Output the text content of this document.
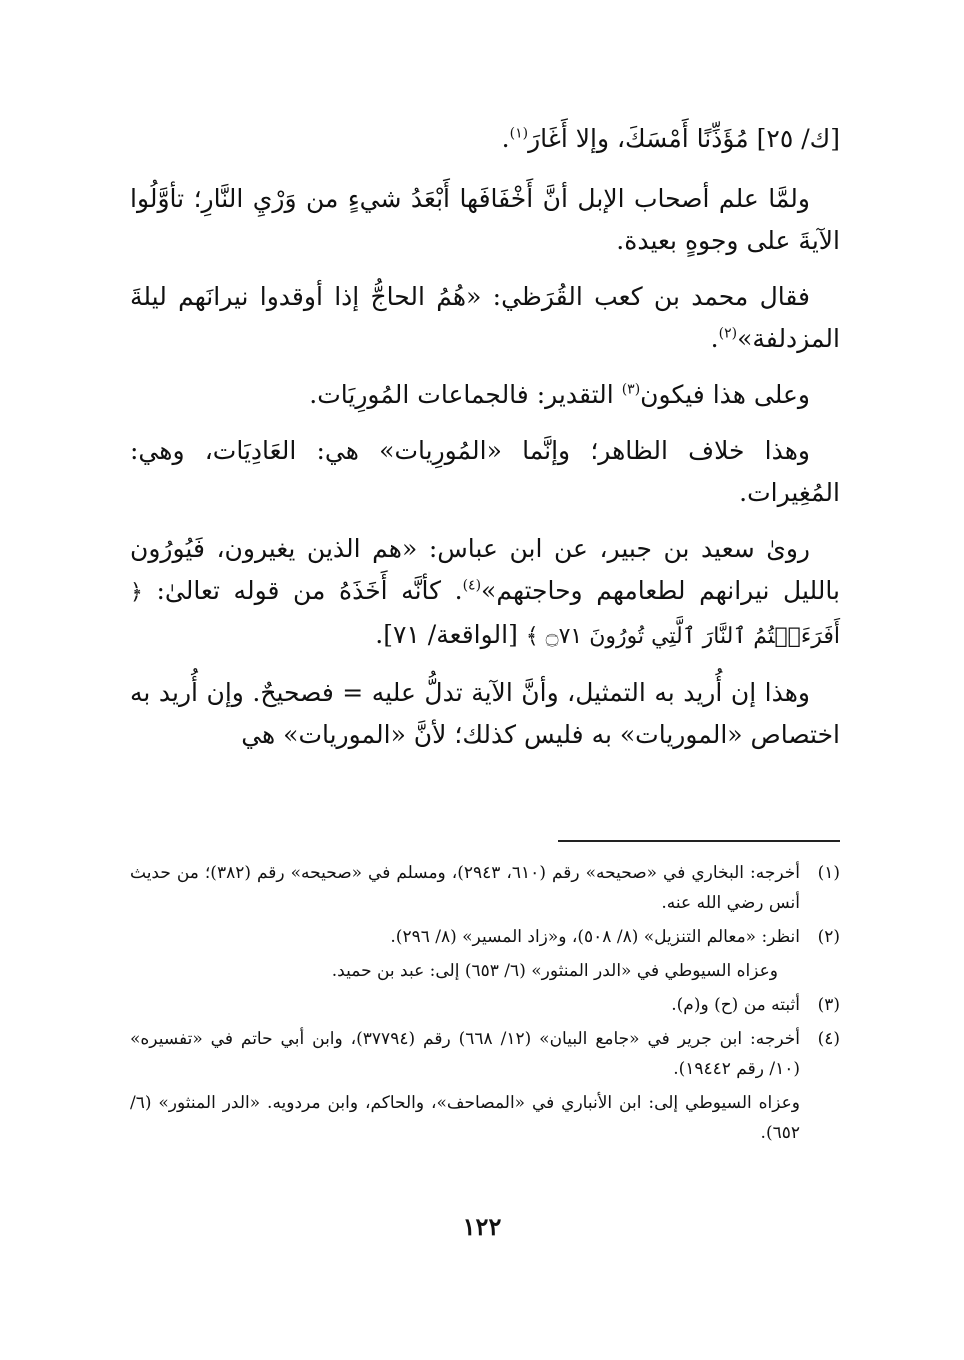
[ك/ ٢٥] مُؤَذِّنًا أَمْسَكَ، وإلا أَغَارَ$^{(١)}$.

ولمَّا علم أصحاب الإبل أنَّ أَخْفَافَها أَبْعَدُ شيءٍ من وَرْيِ النَّارِ؛ تأوَّلُوا الآيةَ على وجوهٍ بعيدة.

فقال محمد بن كعب القُرَظي: «هُمُ الحاجُّ إذا أوقدوا نيرانَهم ليلةَ المزدلفة»$^{(٢)}$.

وعلى هذا فيكون$^{(٣)}$ التقدير: فالجماعات المُورِيَات.

وهذا خلاف الظاهر؛ وإنَّما «المُورِيات» هي: العَادِيَات، وهي: المُغِيرات.

روىٰ سعيد بن جبير، عن ابن عباس: «هم الذين يغيرون، فَيُورُون بالليل نيرانهم لطعامهم وحاجتهم»$^{(٤)}$. كأنَّه أَخَذَهُ من قوله تعالىٰ: ﴿ أَفَرَءَيۡتُمُ ٱلنَّارَ ٱلَّتِي تُورُونَ ۝٧١ ﴾ [الواقعة/ ٧١].

وهذا إن أُريد به التمثيل، وأنَّ الآية تدلُّ عليه = فصحيحٌ. وإن أُريد به اختصاص «الموريات» به فليس كذلك؛ لأنَّ «الموريات» هي

(١)
أخرجه: البخاري في «صحيحه» رقم (٦١٠، ٢٩٤٣)، ومسلم في «صحيحه» رقم (٣٨٢)؛ من حديث أنس رضي الله عنه.
(٢)
انظر: «معالم التنزيل» (٨/ ٥٠٨)، و«زاد المسير» (٨/ ٢٩٦).
وعزاه السيوطي في «الدر المنثور» (٦/ ٦٥٣) إلى: عبد بن حميد.
(٣)
أثبته من (ح) و(م).
(٤)
أخرجه: ابن جرير في «جامع البيان» (١٢/ ٦٦٨) رقم (٣٧٧٩٤)، وابن أبي حاتم في «تفسيره» (١٠/ رقم ١٩٤٤٢).
وعزاه السيوطي إلى: ابن الأنباري في «المصاحف»، والحاكم، وابن مردويه. «الدر المنثور» (٦/ ٦٥٢).
١٢٢
